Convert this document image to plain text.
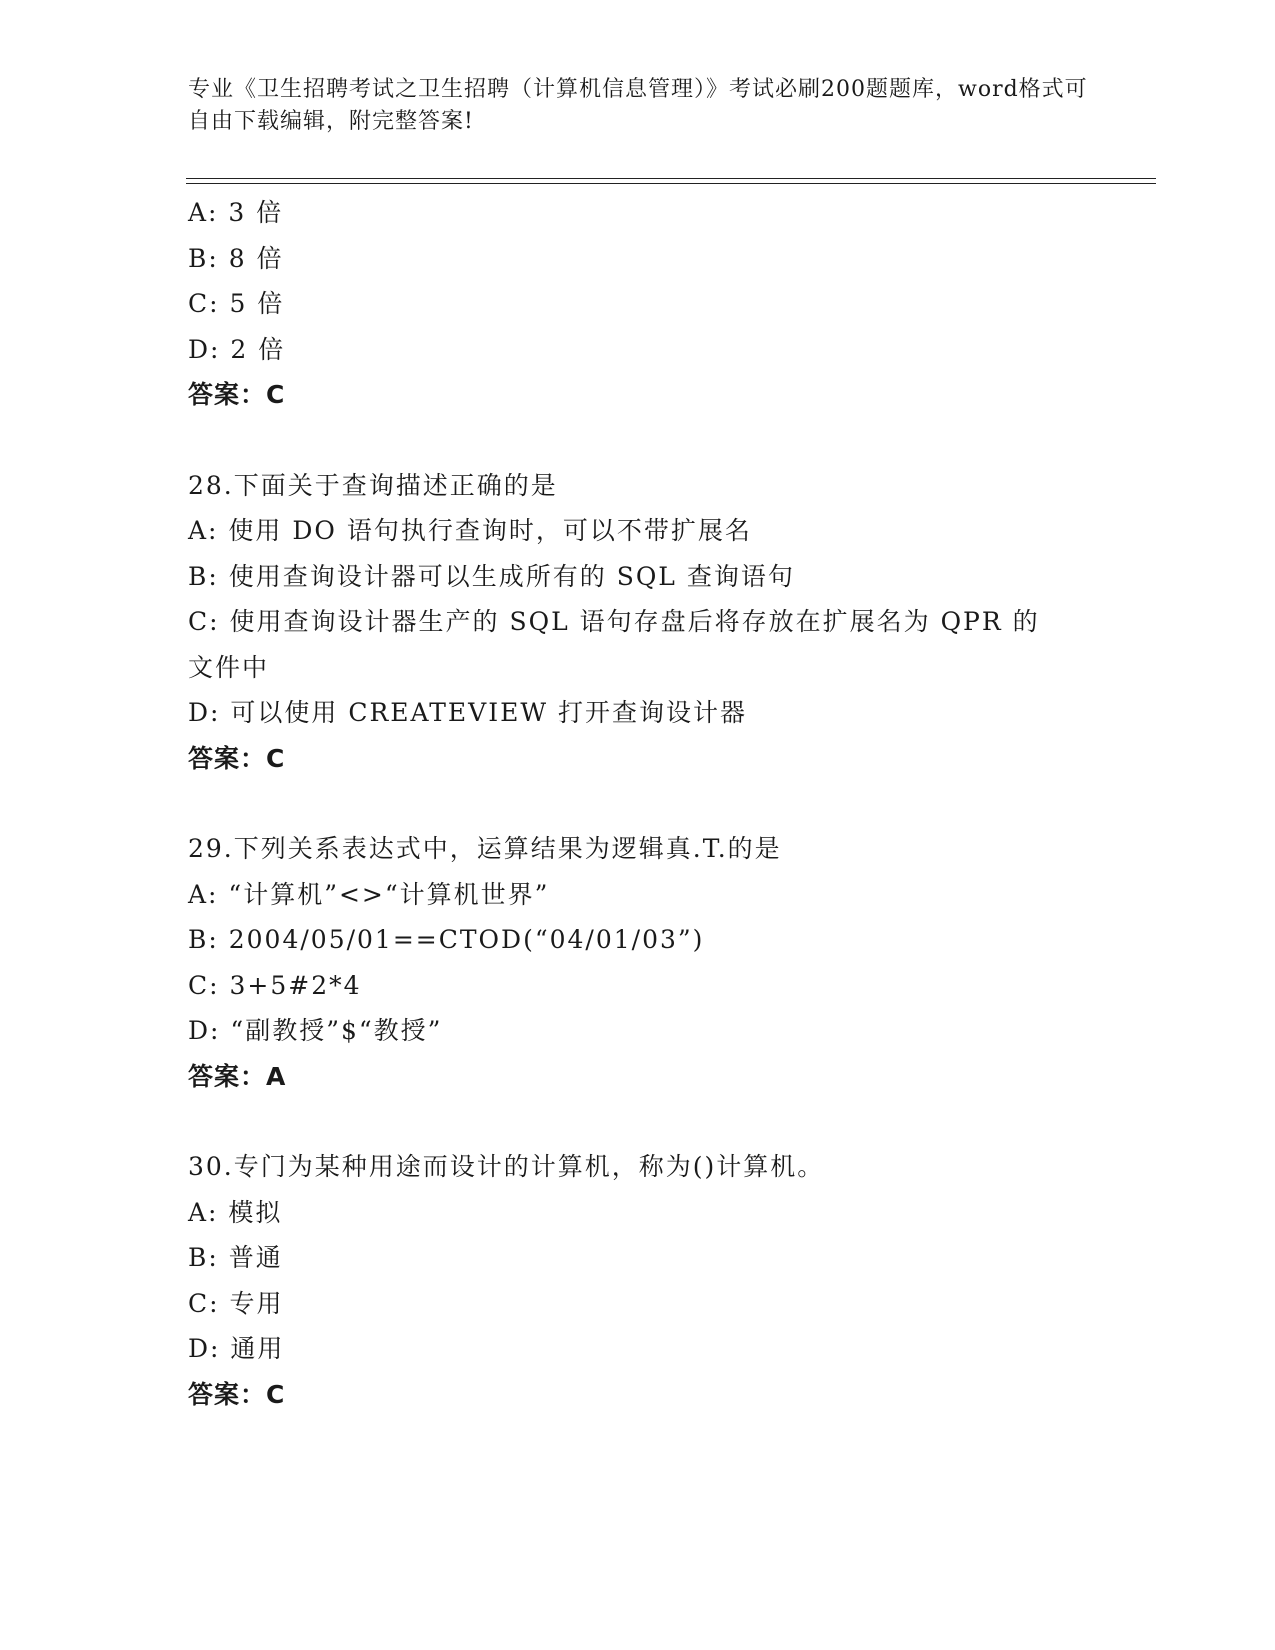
专业《卫生招聘考试之卫生招聘（计算机信息管理）》考试必刷200题题库，word格式可自由下载编辑，附完整答案!
A: 3 倍
B: 8 倍
C: 5 倍
D: 2 倍
答案：C
28.下面关于查询描述正确的是
A: 使用 DO 语句执行查询时，可以不带扩展名
B: 使用查询设计器可以生成所有的 SQL 查询语句
C: 使用查询设计器生产的 SQL 语句存盘后将存放在扩展名为 QPR 的文件中
D: 可以使用 CREATEVIEW 打开查询设计器
答案：C
29.下列关系表达式中，运算结果为逻辑真.T.的是
A: “计算机”<>“计算机世界”
B: 2004/05/01==CTOD(“04/01/03”)
C: 3+5#2*4
D: “副教授”$“教授”
答案：A
30.专门为某种用途而设计的计算机，称为()计算机。
A: 模拟
B: 普通
C: 专用
D: 通用
答案：C
